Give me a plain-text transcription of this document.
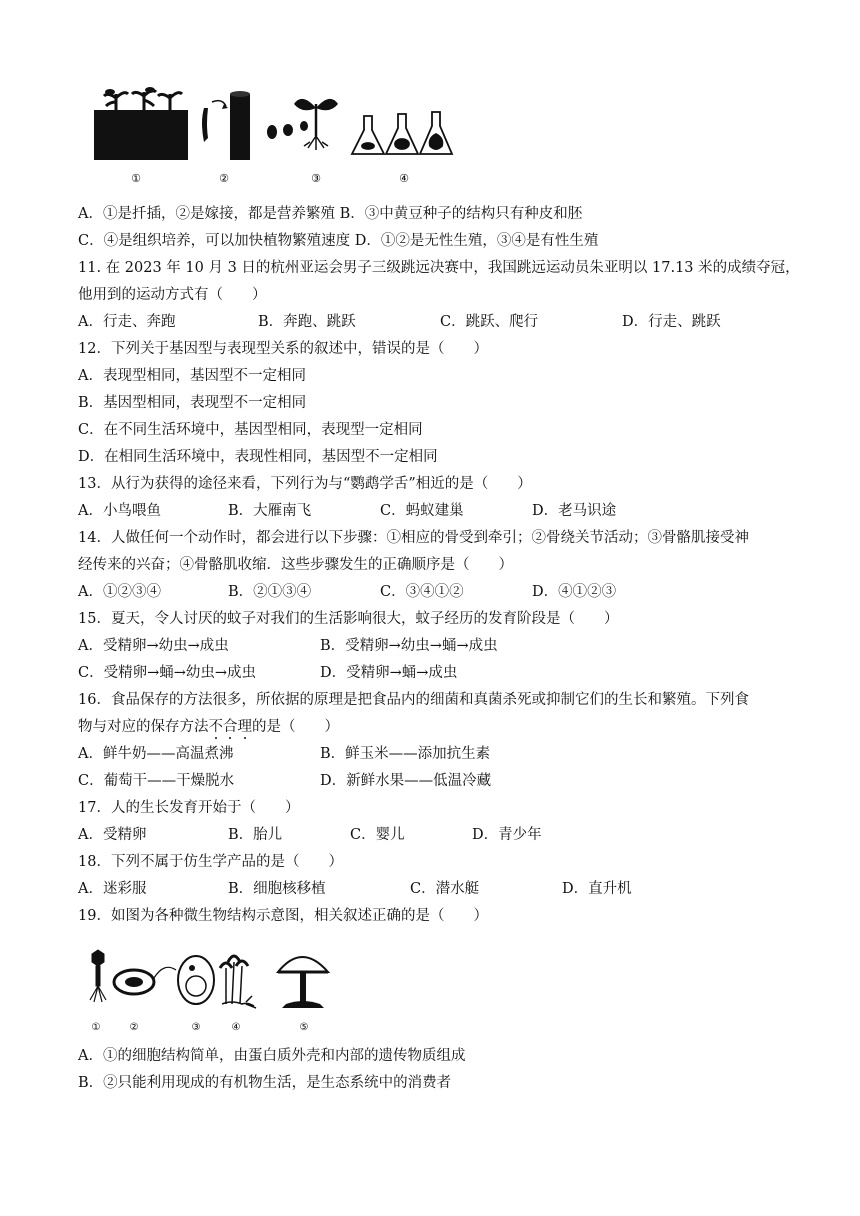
①	②	③	④
A．①是扦插，②是嫁接，都是营养繁殖 B．③中黄豆种子的结构只有种皮和胚
C．④是组织培养，可以加快植物繁殖速度 D．①②是无性生殖，③④是有性生殖
11. 在 2023 年 10 月 3 日的杭州亚运会男子三级跳远决赛中，我国跳远运动员朱亚明以 17.13 米的成绩夺冠，
他用到的运动方式有（　　）
A．行走、奔跑	B．奔跑、跳跃	C．跳跃、爬行	D．行走、跳跃
12．下列关于基因型与表现型关系的叙述中，错误的是（　　）
A．表现型相同，基因型不一定相同
B．基因型相同，表现型不一定相同
C．在不同生活环境中，基因型相同，表现型一定相同
D．在相同生活环境中，表现性相同，基因型不一定相同
13．从行为获得的途径来看，下列行为与“鹦鹉学舌”相近的是（　　）
A．小鸟喂鱼	B．大雁南飞	C．蚂蚁建巢	D．老马识途
14．人做任何一个动作时，都会进行以下步骤：①相应的骨受到牵引；②骨绕关节活动；③骨骼肌接受神
经传来的兴奋；④骨骼肌收缩．这些步骤发生的正确顺序是（　　）
A．①②③④	B．②①③④	C．③④①②	D．④①②③
15．夏天，令人讨厌的蚊子对我们的生活影响很大，蚊子经历的发育阶段是（　　）
A．受精卵→幼虫→成虫	B．受精卵→幼虫→蛹→成虫
C．受精卵→蛹→幼虫→成虫	D．受精卵→蛹→成虫
16．食品保存的方法很多，所依据的原理是把食品内的细菌和真菌杀死或抑制它们的生长和繁殖。下列食
物与对应的保存方法不合理的是（　　）
A．鲜牛奶——高温煮沸	B．鲜玉米——添加抗生素
C．葡萄干——干燥脱水	D．新鲜水果——低温冷藏
17．人的生长发育开始于（　　）
A．受精卵	B．胎儿	C．婴儿	D．青少年
18．下列不属于仿生学产品的是（　　）
A．迷彩服	B．细胞核移植	C．潜水艇	D．直升机
19．如图为各种微生物结构示意图，相关叙述正确的是（　　）
①	②	③	④	⑤
A．①的细胞结构简单，由蛋白质外壳和内部的遗传物质组成
B．②只能利用现成的有机物生活，是生态系统中的消费者
